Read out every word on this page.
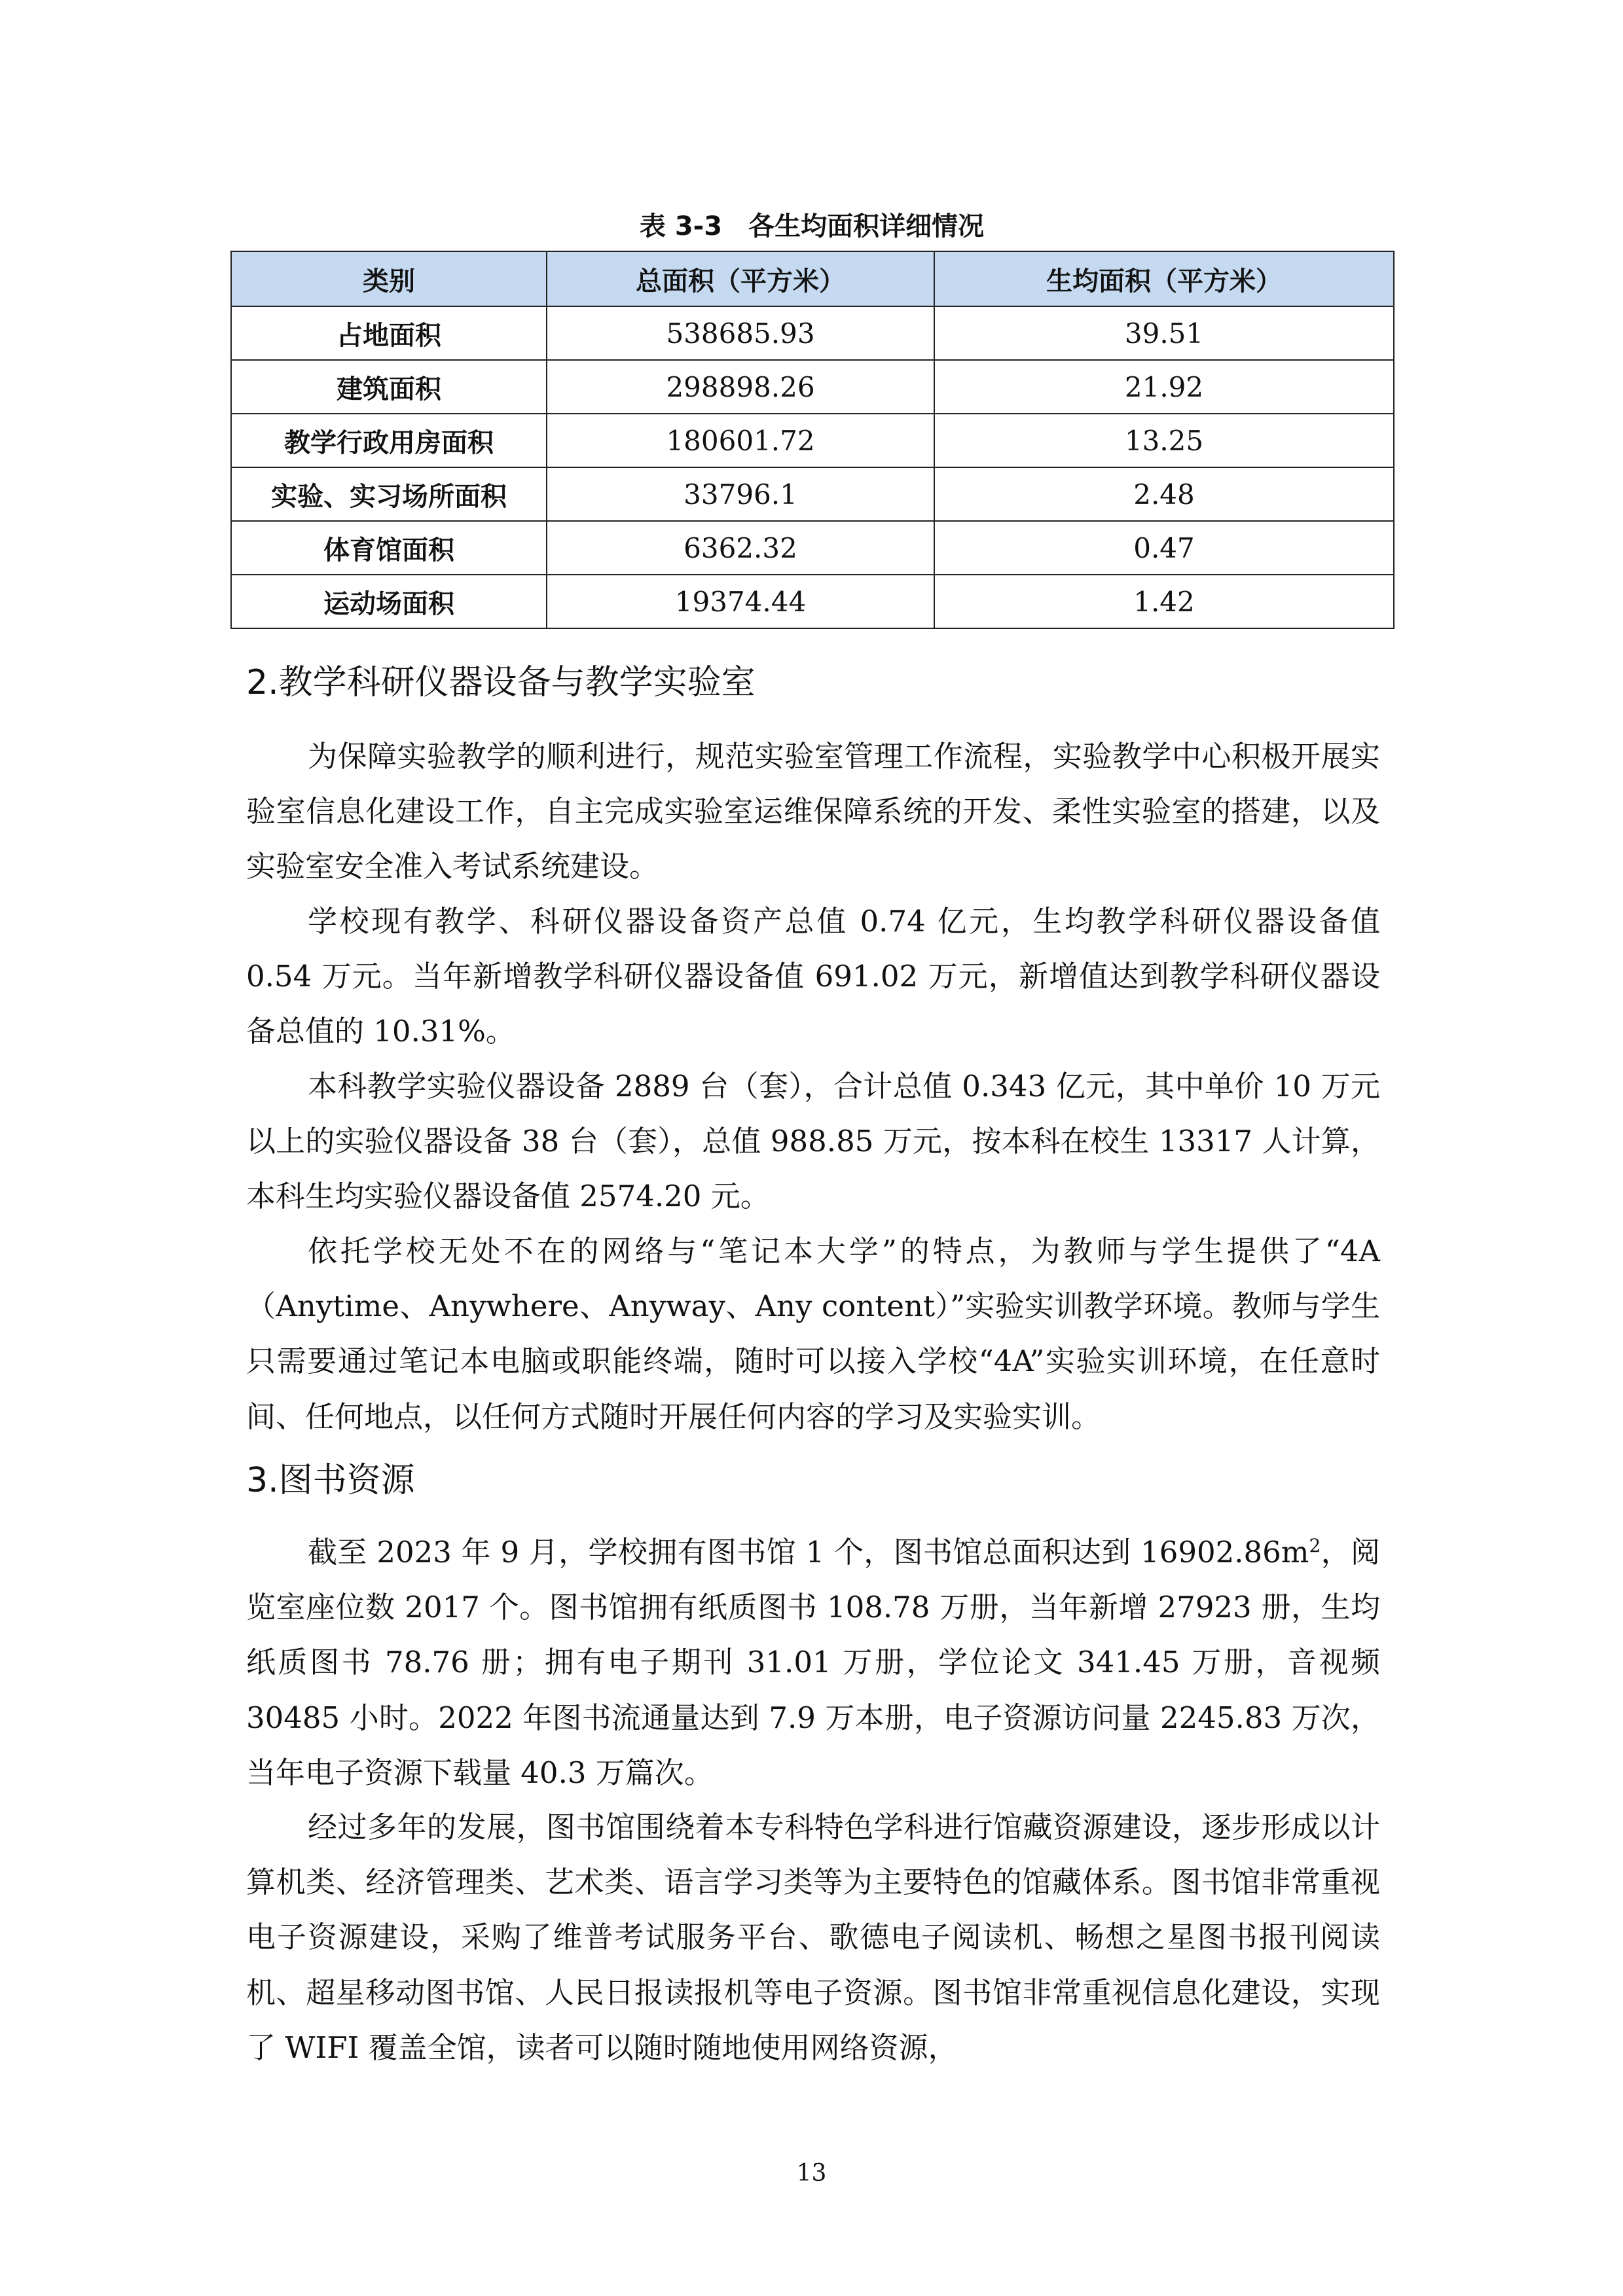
表 3-3 各生均面积详细情况
类别	总面积（平方米）	生均面积（平方米）
占地面积	538685.93	39.51
建筑面积	298898.26	21.92
教学行政用房面积	180601.72	13.25
实验、实习场所面积	33796.1	2.48
体育馆面积	6362.32	0.47
运动场面积	19374.44	1.42
2.教学科研仪器设备与教学实验室
为保障实验教学的顺利进行，规范实验室管理工作流程，实验教学中心积极开展实验室信息化建设工作，自主完成实验室运维保障系统的开发、柔性实验室的搭建，以及实验室安全准入考试系统建设。
学校现有教学、科研仪器设备资产总值 0.74 亿元，生均教学科研仪器设备值 0.54 万元。当年新增教学科研仪器设备值 691.02 万元，新增值达到教学科研仪器设备总值的 10.31%。
本科教学实验仪器设备 2889 台（套），合计总值 0.343 亿元，其中单价 10 万元以上的实验仪器设备 38 台（套），总值 988.85 万元，按本科在校生 13317 人计算，本科生均实验仪器设备值 2574.20 元。
依托学校无处不在的网络与“笔记本大学”的特点，为教师与学生提供了“4A（Anytime、Anywhere、Anyway、Any content）”实验实训教学环境。教师与学生只需要通过笔记本电脑或职能终端，随时可以接入学校“4A”实验实训环境，在任意时间、任何地点，以任何方式随时开展任何内容的学习及实验实训。
3.图书资源
截至 2023 年 9 月，学校拥有图书馆 1 个，图书馆总面积达到 $16902.86m^2$，阅览室座位数 2017 个。图书馆拥有纸质图书 108.78 万册，当年新增 27923 册，生均纸质图书 78.76 册；拥有电子期刊 31.01 万册，学位论文 341.45 万册，音视频 30485 小时。2022 年图书流通量达到 7.9 万本册，电子资源访问量 2245.83 万次，当年电子资源下载量 40.3 万篇次。
经过多年的发展，图书馆围绕着本专科特色学科进行馆藏资源建设，逐步形成以计算机类、经济管理类、艺术类、语言学习类等为主要特色的馆藏体系。图书馆非常重视电子资源建设，采购了维普考试服务平台、歌德电子阅读机、畅想之星图书报刊阅读机、超星移动图书馆、人民日报读报机等电子资源。图书馆非常重视信息化建设，实现了 WIFI 覆盖全馆，读者可以随时随地使用网络资源，
13
